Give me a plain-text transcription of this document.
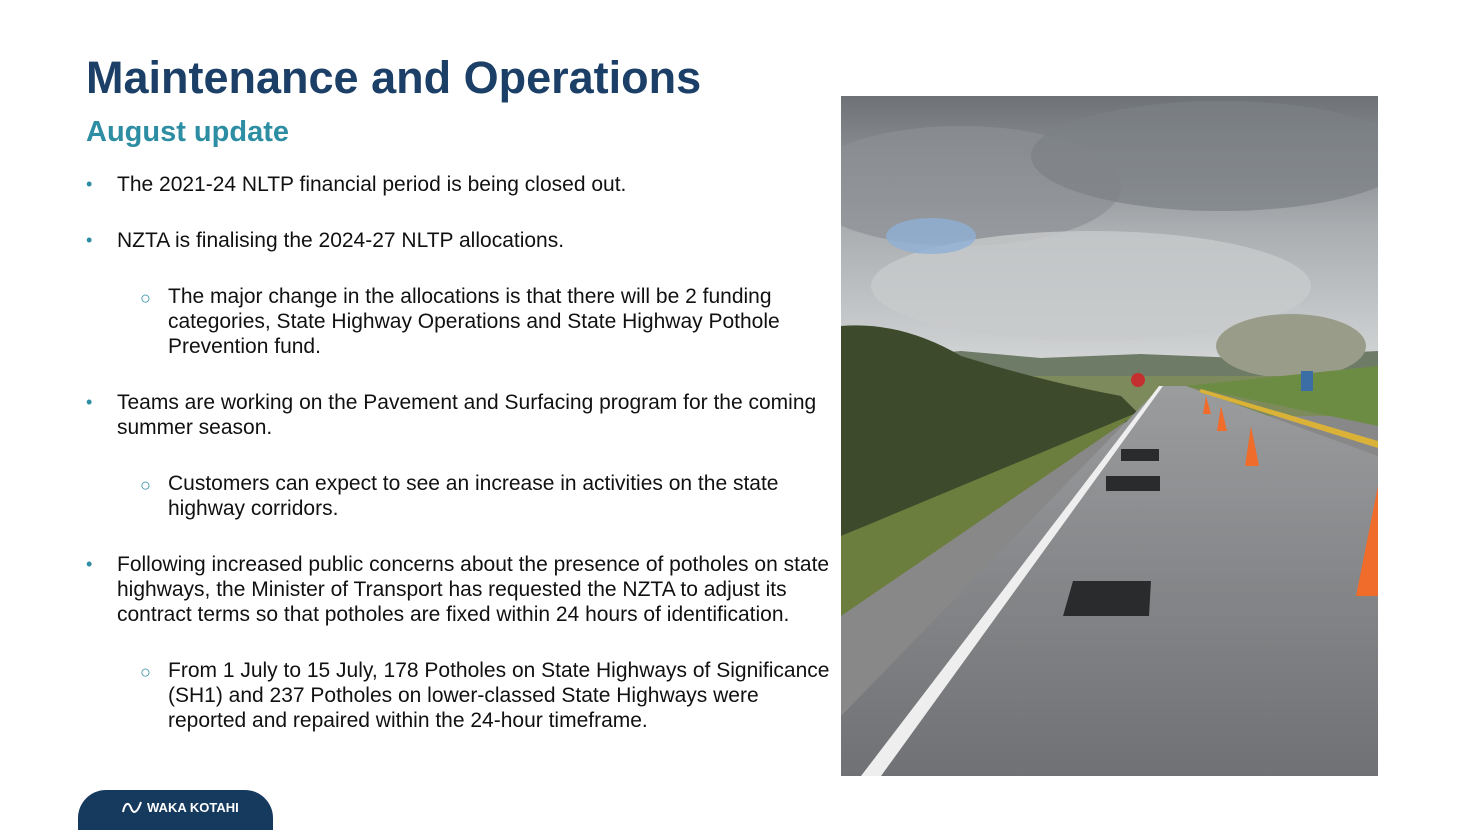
Maintenance and Operations
August update
• The 2021-24 NLTP financial period is being closed out.
• NZTA is finalising the 2024-27 NLTP allocations.
○ The major change in the allocations is that there will be 2 funding categories, State Highway Operations and State Highway Pothole Prevention fund.
• Teams are working on the Pavement and Surfacing program for the coming summer season.
○ Customers can expect to see an increase in activities on the state highway corridors.
• Following increased public concerns about the presence of potholes on state highways, the Minister of Transport has requested the NZTA to adjust its contract terms so that potholes are fixed within 24 hours of identification.
○ From 1 July to 15 July, 178 Potholes on State Highways of Significance (SH1) and 237 Potholes on lower-classed State Highways were reported and repaired within the 24-hour timeframe.
WAKA KOTAHI
